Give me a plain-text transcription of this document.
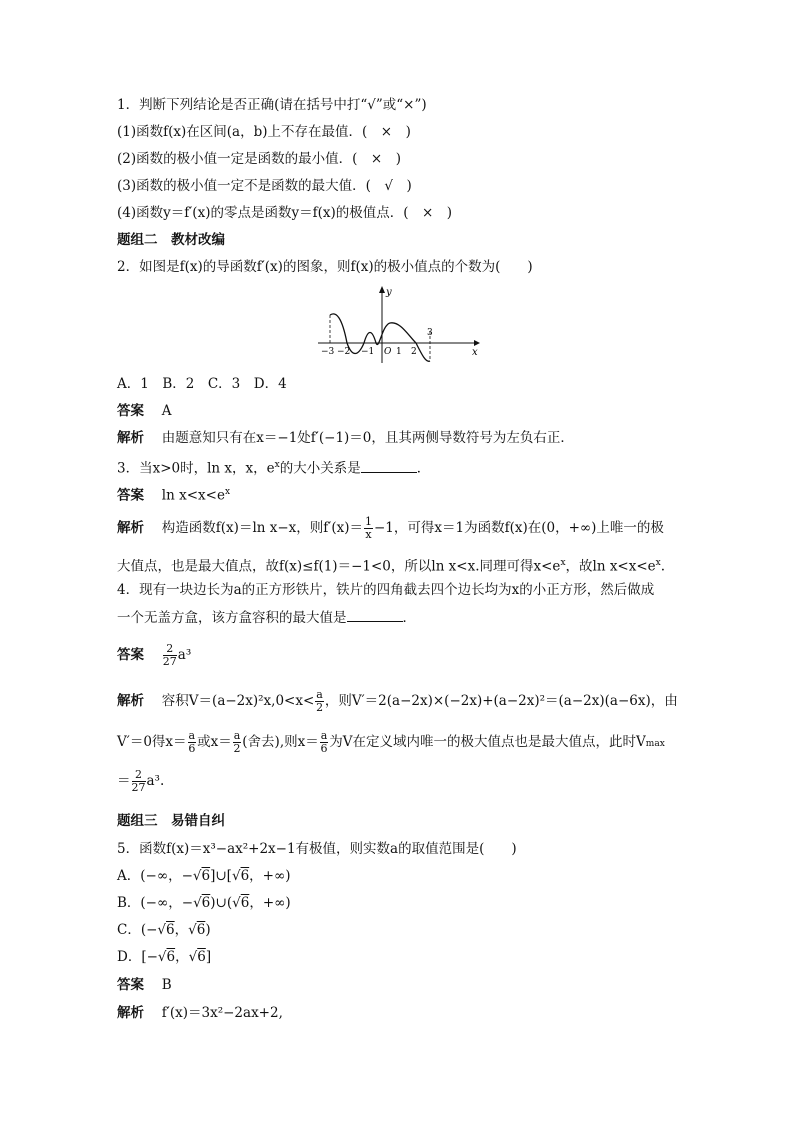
1．判断下列结论是否正确(请在括号中打“√”或“×”)
(1)函数f(x)在区间(a，b)上不存在最值．(　×　)
(2)函数的极小值一定是函数的最小值．(　×　)
(3)函数的极小值一定不是函数的最大值．(　√　)
(4)函数y＝f′(x)的零点是函数y＝f(x)的极值点．(　×　)
题组二　教材改编
2．如图是f(x)的导函数f′(x)的图象，则f(x)的极小值点的个数为(　　)
y
x
O
−3 −2 −1 1 2
3
A．1　B．2　C．3　D．4
答案　 A
解析　 由题意知只有在x＝−1处f′(−1)＝0，且其两侧导数符号为左负右正．
3．当x>0时，ln x，x，$e^x$的大小关系是	．
答案　 $\ln x<x<e^x$
解析　 构造函数f(x)＝ln x−x，则$f'(x)= \frac{1}{x} -1$，可得x＝1为函数f(x)在(0，+∞)上唯一的极
大值点，也是最大值点，故f(x)≤f(1)＝−1<0，所以ln x<x.同理可得$x<e^x$，故$\ln x<x<e^x$.
4．现有一块边长为a的正方形铁片，铁片的四角截去四个边长均为x的小正方形，然后做成
一个无盖方盒，该方盒容积的最大值是	．
答案　 $\frac{2}{27} a^3$
解析　 容积$V=(a-2x)^2x,0<x< \frac{a}{2}$ ，则V′＝2(a−2x)×(−2x)+(a−2x)²＝(a−2x)(a−6x)，由
V′＝0得$x= \frac{a}{6}$ 或$x= \frac{a}{2}$ (舍去),则$x= \frac{a}{6}$ 为V在定义域内唯一的极大值点也是最大值点，此时Vmax
＝ $\frac{2}{27} a^3$.
题组三　易错自纠
5．函数f(x)＝x³−ax²+2x−1有极值，则实数a的取值范围是(　　)
A．(−∞，−√6]∪[√6，+∞)
B．(−∞，−√6)∪(√6，+∞)
C．(−√6，√6)
D．[−√6，√6]
答案　 B
解析　 f′(x)＝3x²−2ax+2,
